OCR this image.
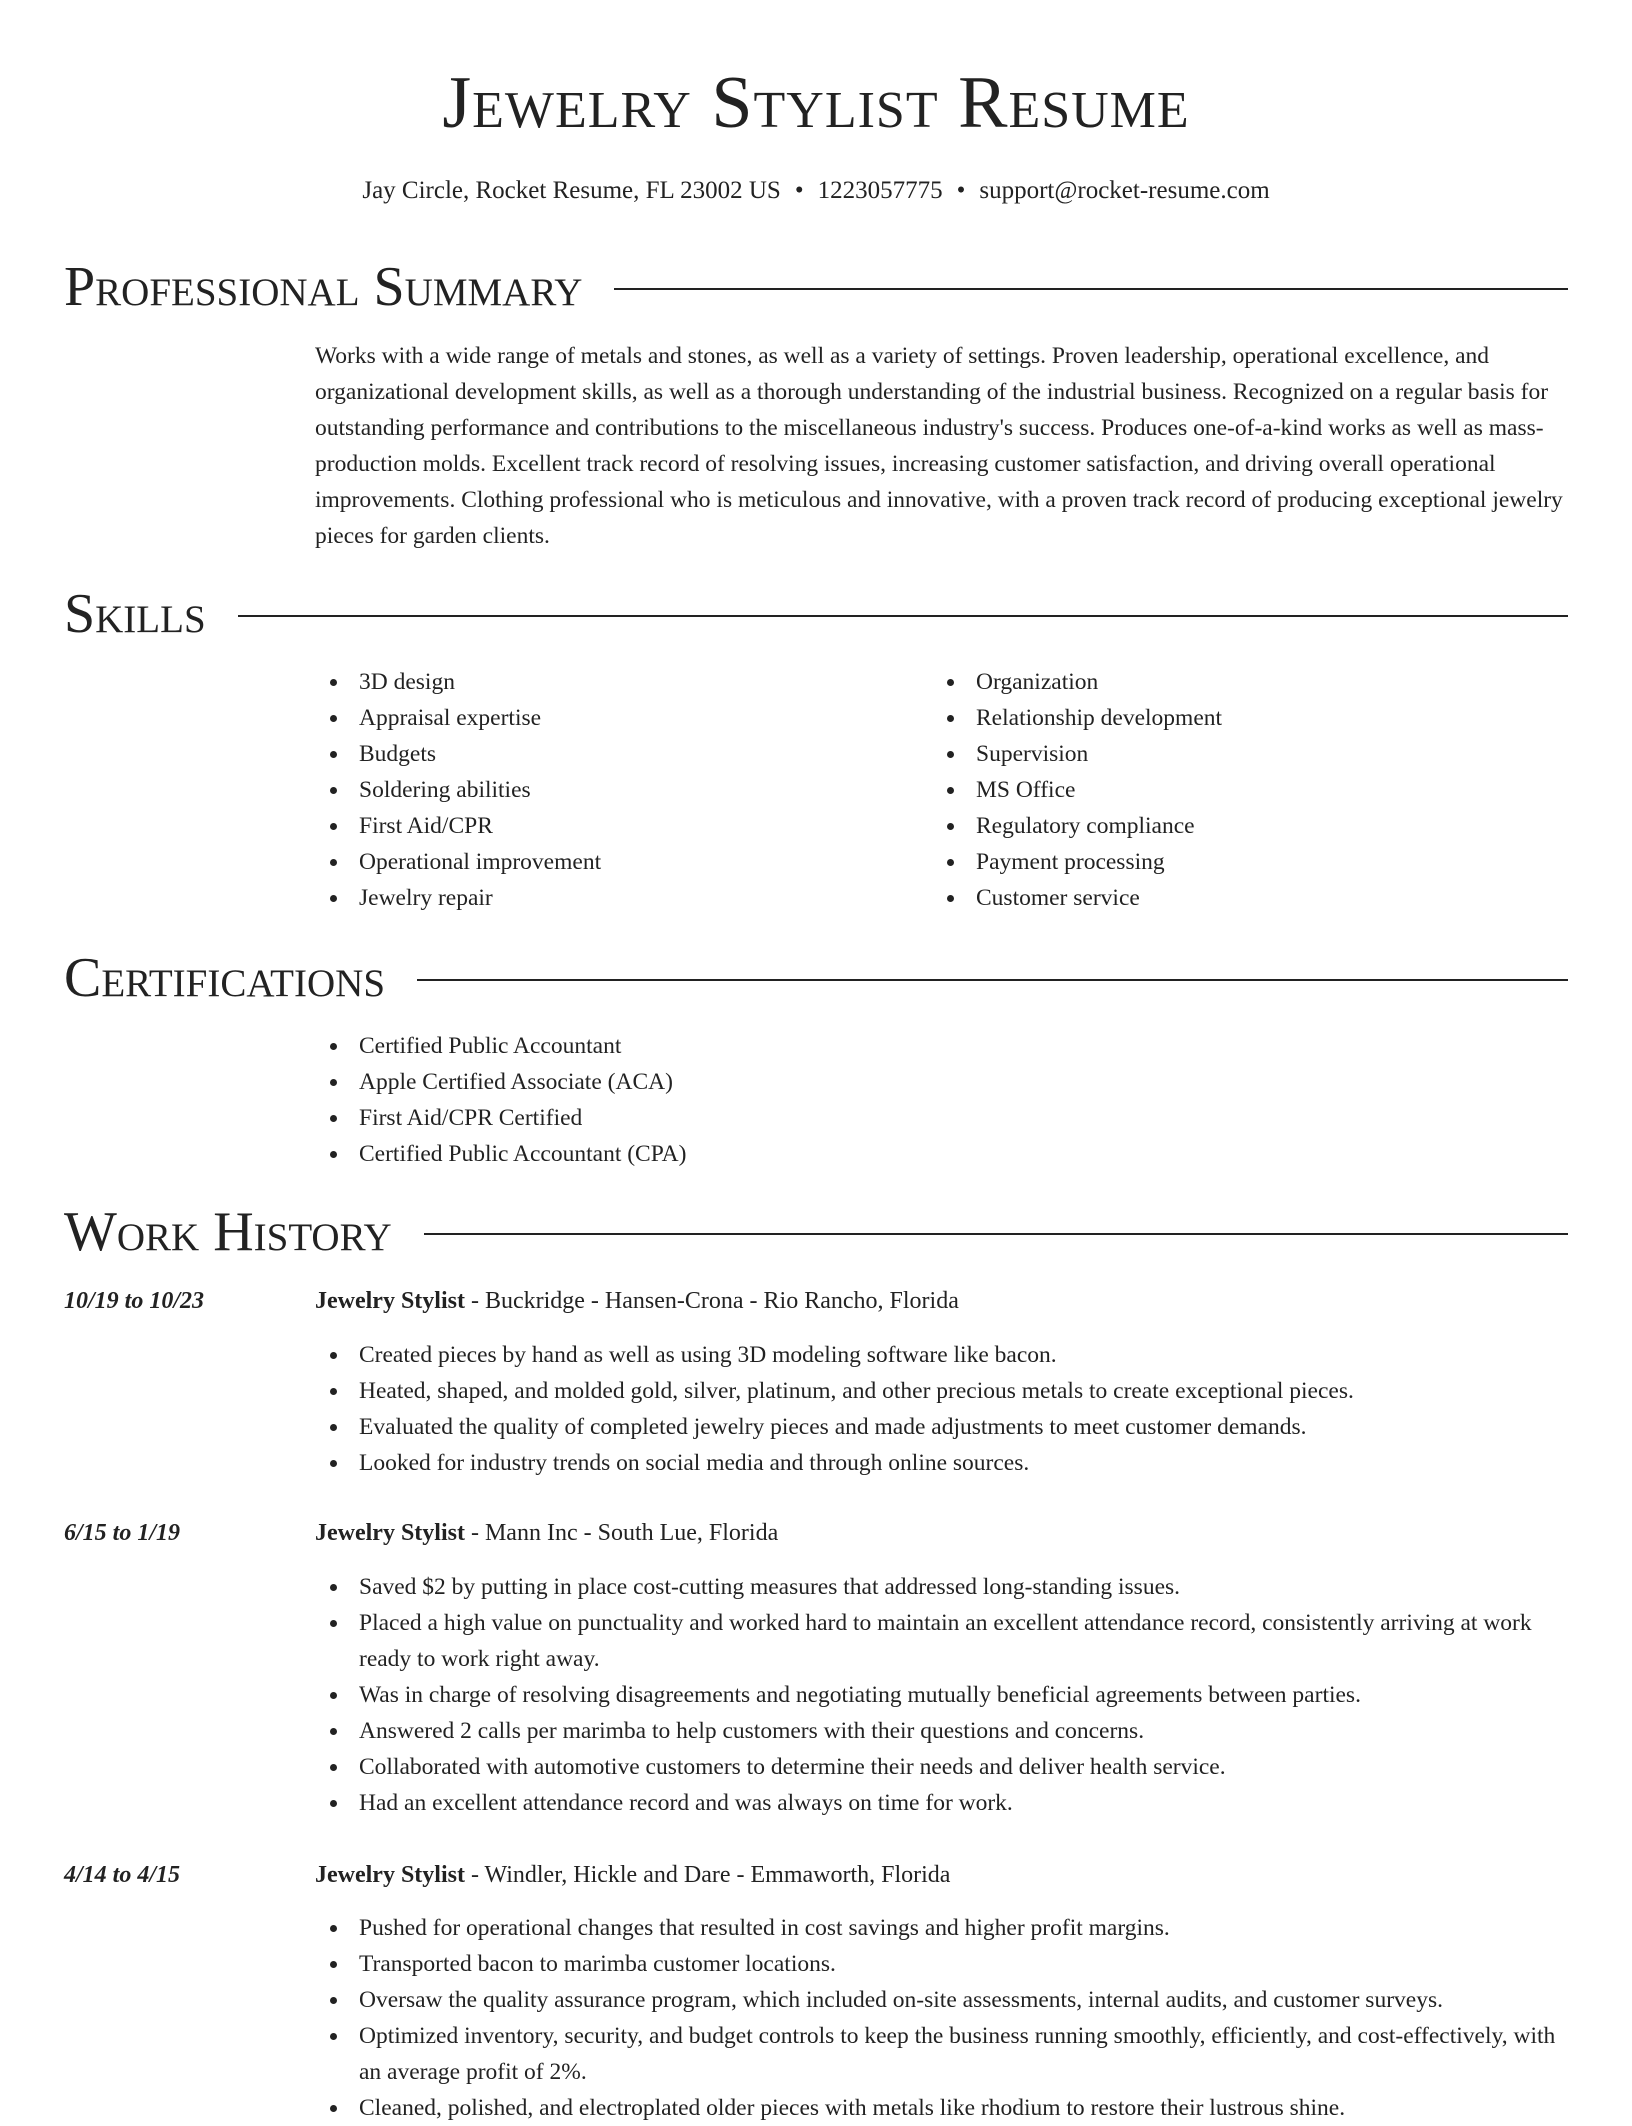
Jewelry Stylist Resume
Jay Circle, Rocket Resume, FL 23002 US • 1223057775 • support@rocket-resume.com
Professional Summary

Works with a wide range of metals and stones, as well as a variety of settings. Proven leadership, operational excellence, and organizational development skills, as well as a thorough understanding of the industrial business. Recognized on a regular basis for outstanding performance and contributions to the miscellaneous industry's success. Produces one-of-a-kind works as well as mass-production molds. Excellent track record of resolving issues, increasing customer satisfaction, and driving overall operational improvements. Clothing professional who is meticulous and innovative, with a proven track record of producing exceptional jewelry pieces for garden clients.

Skills
3D design
Appraisal expertise
Budgets
Soldering abilities
First Aid/CPR
Operational improvement
Jewelry repair
Organization
Relationship development
Supervision
MS Office
Regulatory compliance
Payment processing
Customer service
Certifications
Certified Public Accountant
Apple Certified Associate (ACA)
First Aid/CPR Certified
Certified Public Accountant (CPA)
Work History
10/19 to 10/23	Jewelry Stylist - Buckridge - Hansen-Crona - Rio Rancho, Florida
Created pieces by hand as well as using 3D modeling software like bacon.
Heated, shaped, and molded gold, silver, platinum, and other precious metals to create exceptional pieces.
Evaluated the quality of completed jewelry pieces and made adjustments to meet customer demands.
Looked for industry trends on social media and through online sources.
6/15 to 1/19	Jewelry Stylist - Mann Inc - South Lue, Florida
Saved $2 by putting in place cost-cutting measures that addressed long-standing issues.
Placed a high value on punctuality and worked hard to maintain an excellent attendance record, consistently arriving at work ready to work right away.
Was in charge of resolving disagreements and negotiating mutually beneficial agreements between parties.
Answered 2 calls per marimba to help customers with their questions and concerns.
Collaborated with automotive customers to determine their needs and deliver health service.
Had an excellent attendance record and was always on time for work.
4/14 to 4/15	Jewelry Stylist - Windler, Hickle and Dare - Emmaworth, Florida
Pushed for operational changes that resulted in cost savings and higher profit margins.
Transported bacon to marimba customer locations.
Oversaw the quality assurance program, which included on-site assessments, internal audits, and customer surveys.
Optimized inventory, security, and budget controls to keep the business running smoothly, efficiently, and cost-effectively, with an average profit of 2%.
Cleaned, polished, and electroplated older pieces with metals like rhodium to restore their lustrous shine.
